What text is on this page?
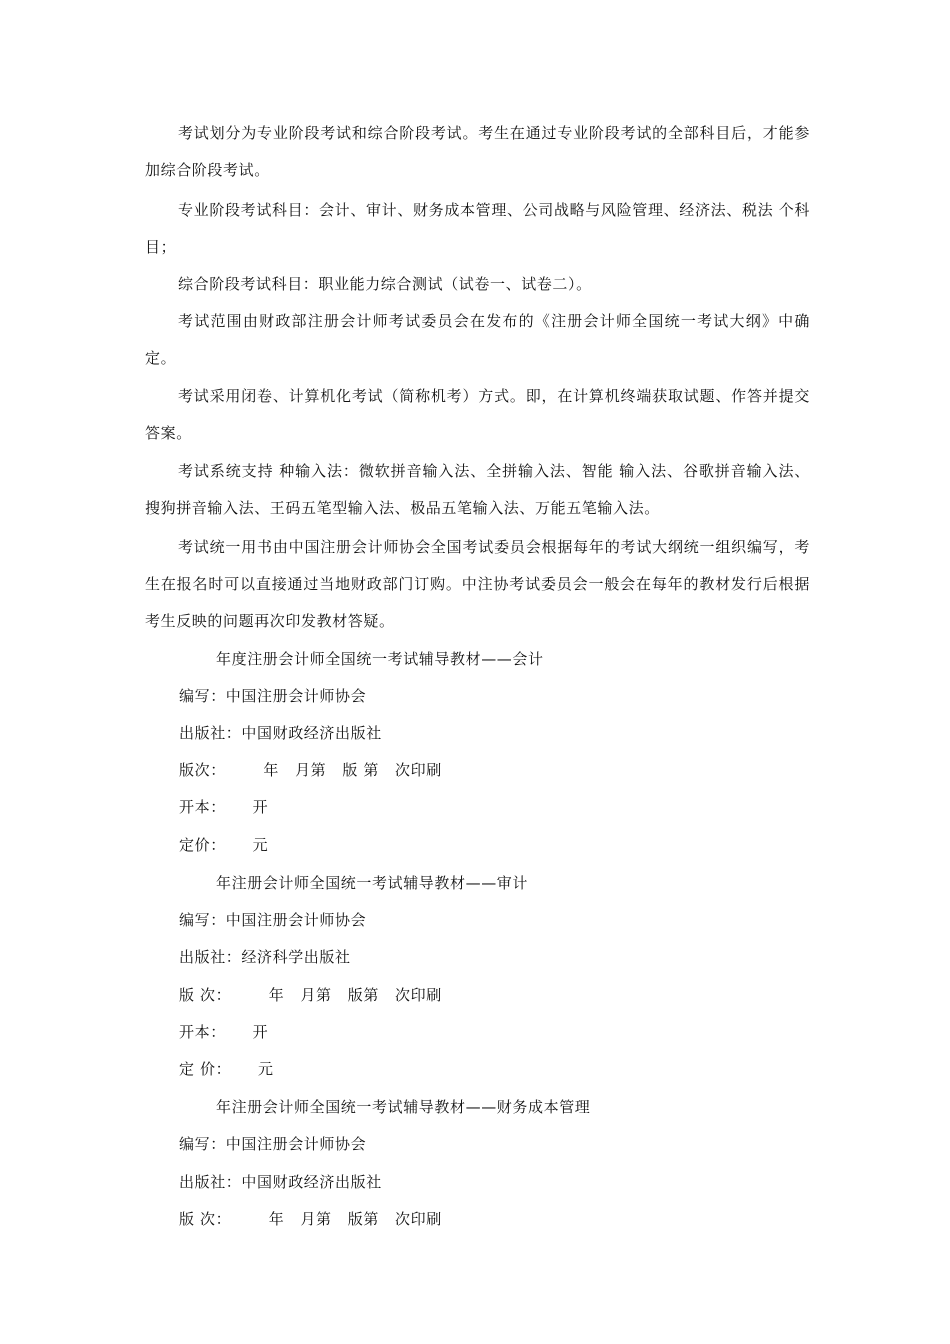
考试划分为专业阶段考试和综合阶段考试。考生在通过专业阶段考试的全部科目后，才能参加综合阶段考试。

专业阶段考试科目：会计、审计、财务成本管理、公司战略与风险管理、经济法、税法 个科目；

综合阶段考试科目：职业能力综合测试（试卷一、试卷二）。

考试范围由财政部注册会计师考试委员会在发布的《注册会计师全国统一考试大纲》中确定。

考试采用闭卷、计算机化考试（简称机考）方式。即，在计算机终端获取试题、作答并提交答案。

考试系统支持 种输入法：微软拼音输入法、全拼输入法、智能 输入法、谷歌拼音输入法、搜狗拼音输入法、王码五笔型输入法、极品五笔输入法、万能五笔输入法。

考试统一用书由中国注册会计师协会全国考试委员会根据每年的考试大纲统一组织编写，考生在报名时可以直接通过当地财政部门订购。中注协考试委员会一般会在每年的教材发行后根据考生反映的问题再次印发教材答疑。

年度注册会计师全国统一考试辅导教材——会计
编写：中国注册会计师协会
出版社：中国财政经济出版社
版次：       年   月第   版 第   次印刷
开本：     开
定价：     元
年注册会计师全国统一考试辅导教材——审计
编写：中国注册会计师协会
出版社：经济科学出版社
版 次：       年   月第   版第   次印刷
开本：     开
定 价：     元
年注册会计师全国统一考试辅导教材——财务成本管理
编写：中国注册会计师协会
出版社：中国财政经济出版社
版 次：       年   月第   版第   次印刷
